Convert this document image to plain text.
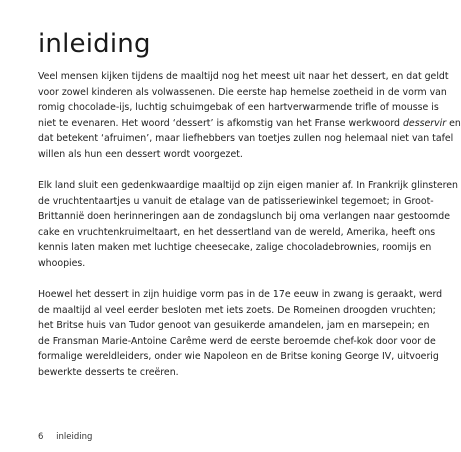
inleiding

Veel mensen kijken tijdens de maaltijd nog het meest uit naar het dessert, en dat geldt
voor zowel kinderen als volwassenen. Die eerste hap hemelse zoetheid in de vorm van
romig chocolade-ijs, luchtig schuimgebak of een hartverwarmende trifle of mousse is
niet te evenaren. Het woord ‘dessert’ is afkomstig van het Franse werkwoord desservir en
dat betekent ‘afruimen’, maar liefhebbers van toetjes zullen nog helemaal niet van tafel
willen als hun een dessert wordt voorgezet.

Elk land sluit een gedenkwaardige maaltijd op zijn eigen manier af. In Frankrijk glinsteren
de vruchtentaartjes u vanuit de etalage van de patisseriewinkel tegemoet; in Groot-
Brittannië doen herinneringen aan de zondagslunch bij oma verlangen naar gestoomde
cake en vruchtenkruimeltaart, en het dessertland van de wereld, Amerika, heeft ons
kennis laten maken met luchtige cheesecake, zalige chocoladebrownies, roomijs en
whoopies.

Hoewel het dessert in zijn huidige vorm pas in de 17e eeuw in zwang is geraakt, werd
de maaltijd al veel eerder besloten met iets zoets. De Romeinen droogden vruchten;
het Britse huis van Tudor genoot van gesuikerde amandelen, jam en marsepein; en
de Fransman Marie-Antoine Carême werd de eerste beroemde chef-kok door voor de
formalige wereldleiders, onder wie Napoleon en de Britse koning George IV, uitvoerig
bewerkte desserts te creëren.

6 inleiding
